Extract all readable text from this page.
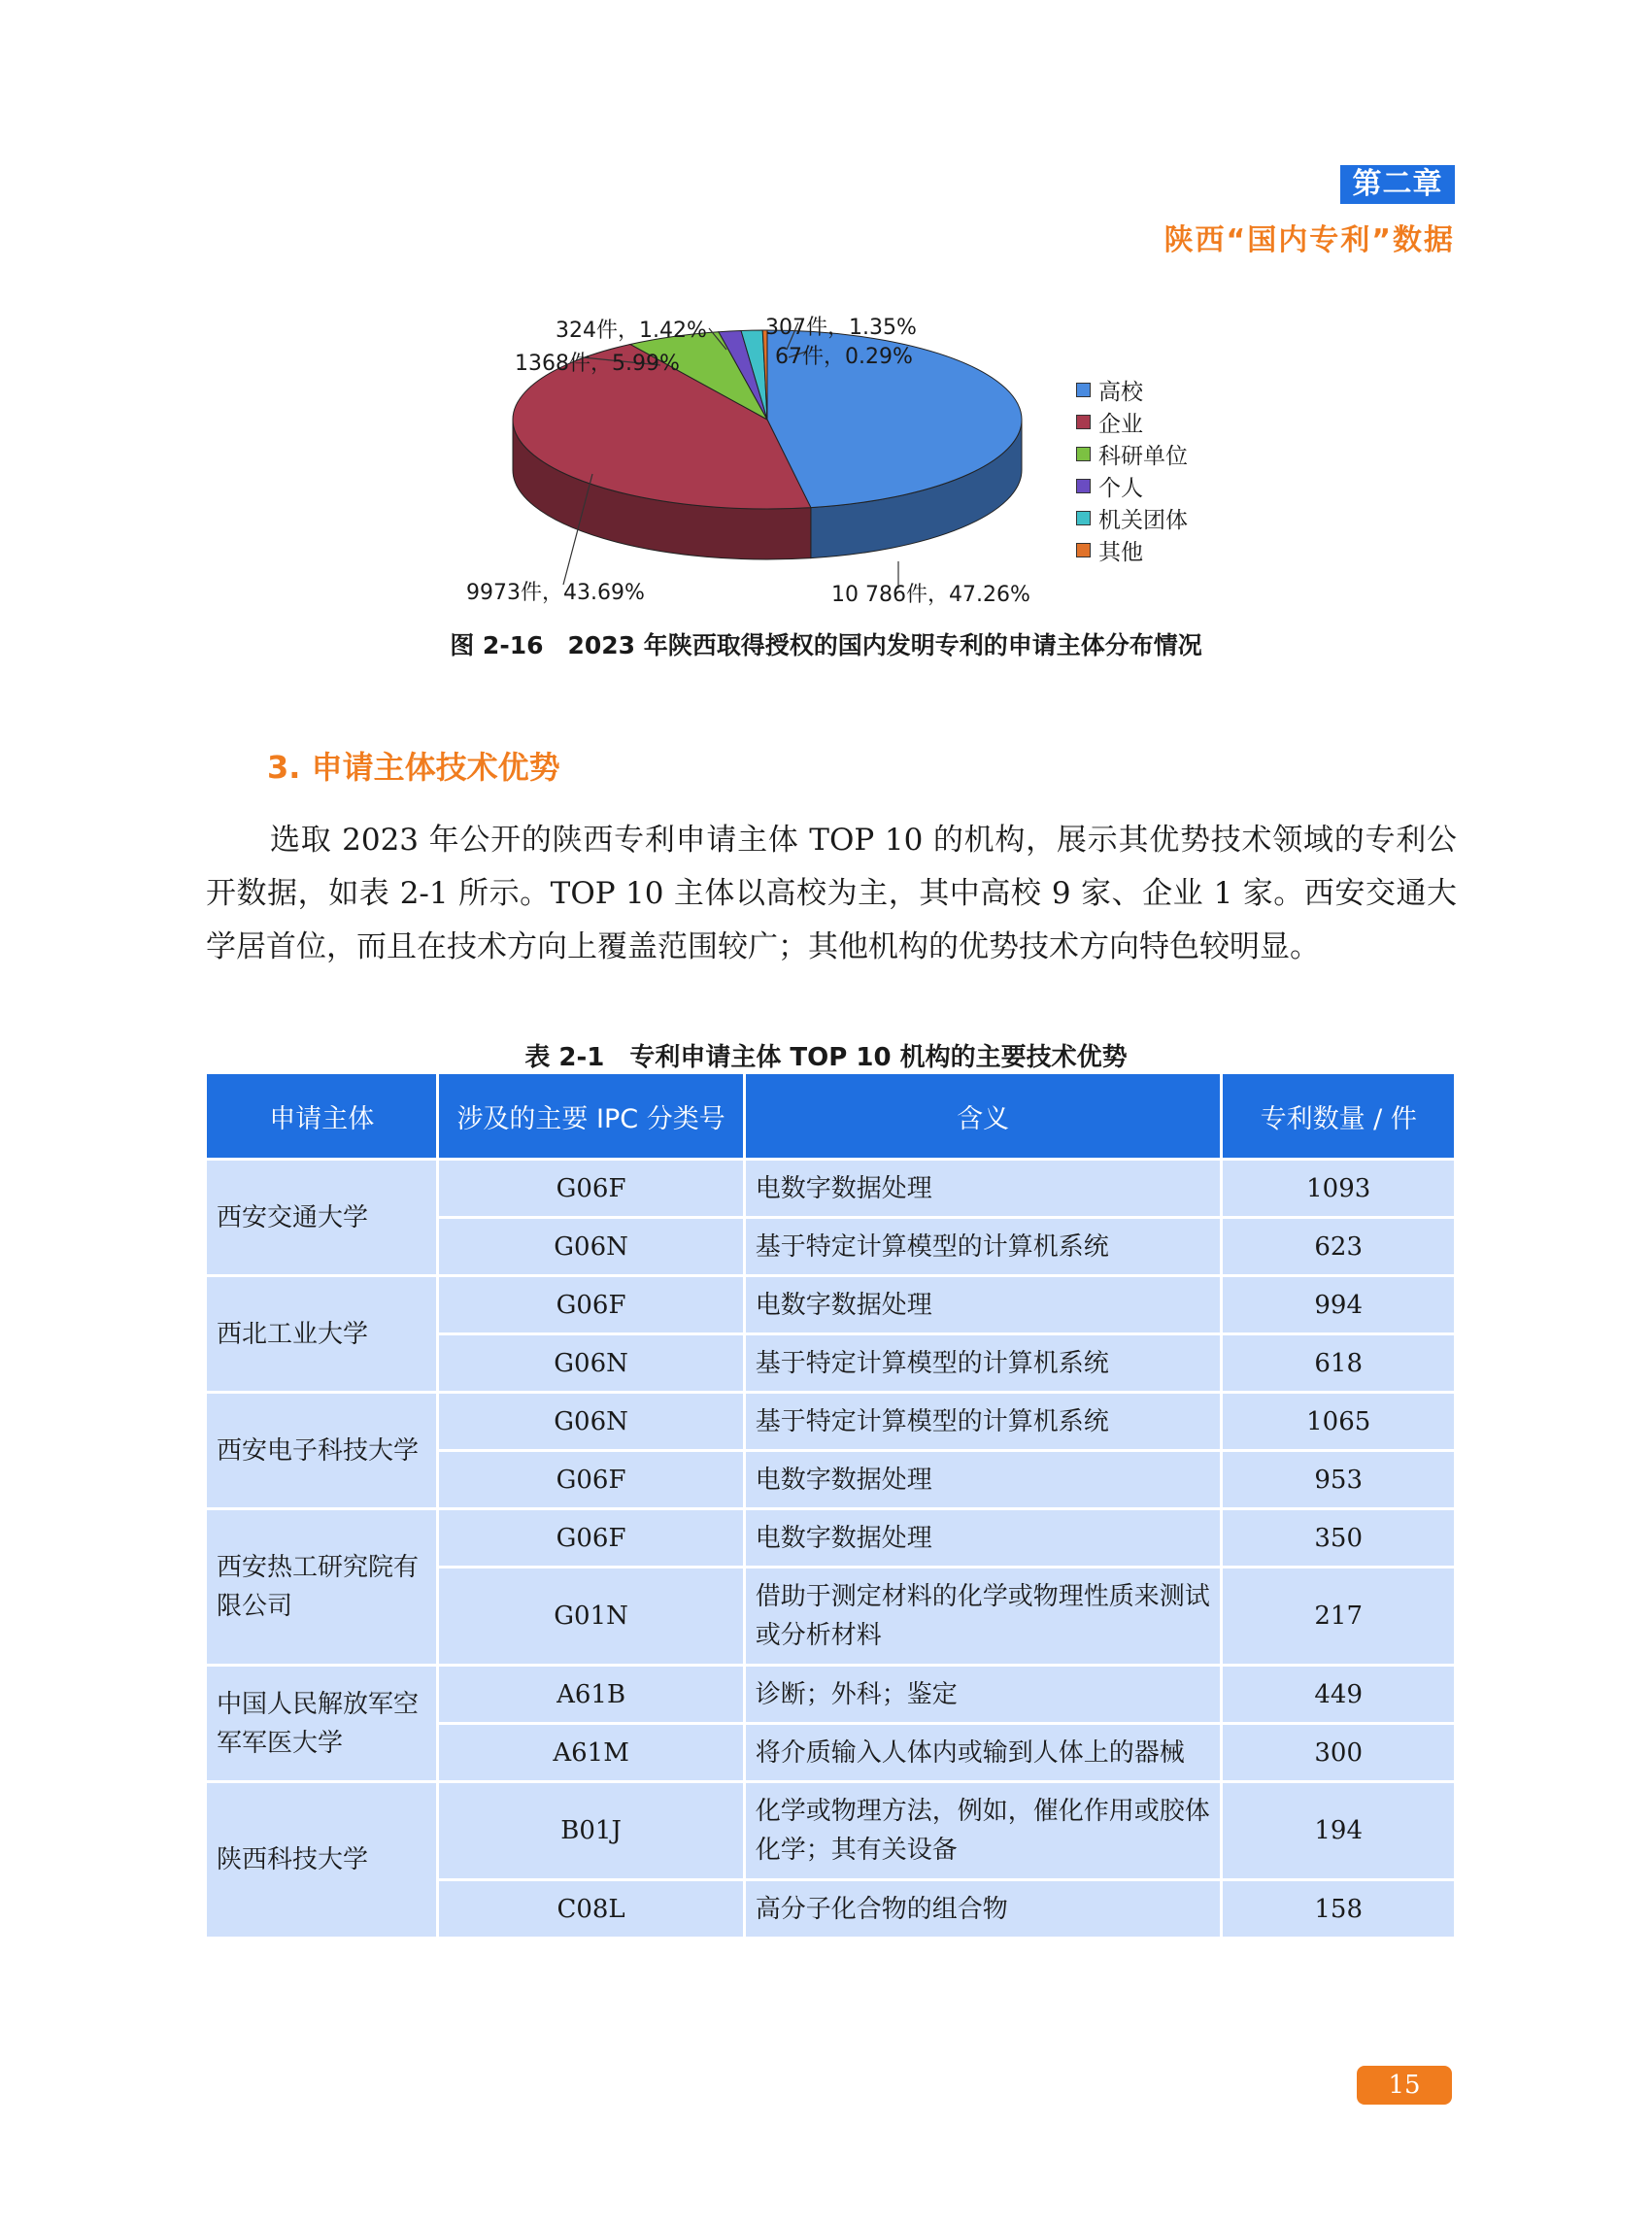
第二章
陕西“国内专利”数据
324件，1.42%
1368件，5.99%
307件，1.35%
67件，0.29%
9973件，43.69%	10 786件，47.26%
高校
企业
科研单位
个人
机关团体
其他
图 2-16　2023 年陕西取得授权的国内发明专利的申请主体分布情况
3. 申请主体技术优势
选取 2023 年公开的陕西专利申请主体 TOP 10 的机构，展示其优势技术领域的专利公开数据，如表 2-1 所示。TOP 10 主体以高校为主，其中高校 9 家、企业 1 家。西安交通大学居首位，而且在技术方向上覆盖范围较广；其他机构的优势技术方向特色较明显。
表 2-1　专利申请主体 TOP 10 机构的主要技术优势
申请主体	涉及的主要 IPC 分类号	含义	专利数量 / 件
西安交通大学	G06F	电数字数据处理	1093
	G06N	基于特定计算模型的计算机系统	623
西北工业大学	G06F	电数字数据处理	994
	G06N	基于特定计算模型的计算机系统	618
西安电子科技大学	G06N	基于特定计算模型的计算机系统	1065
	G06F	电数字数据处理	953
西安热工研究院有限公司	G06F	电数字数据处理	350
	G01N	借助于测定材料的化学或物理性质来测试或分析材料	217
中国人民解放军空军军医大学	A61B	诊断；外科；鉴定	449
	A61M	将介质输入人体内或输到人体上的器械	300
陕西科技大学	B01J	化学或物理方法，例如，催化作用或胶体化学；其有关设备	194
	C08L	高分子化合物的组合物	158
15
